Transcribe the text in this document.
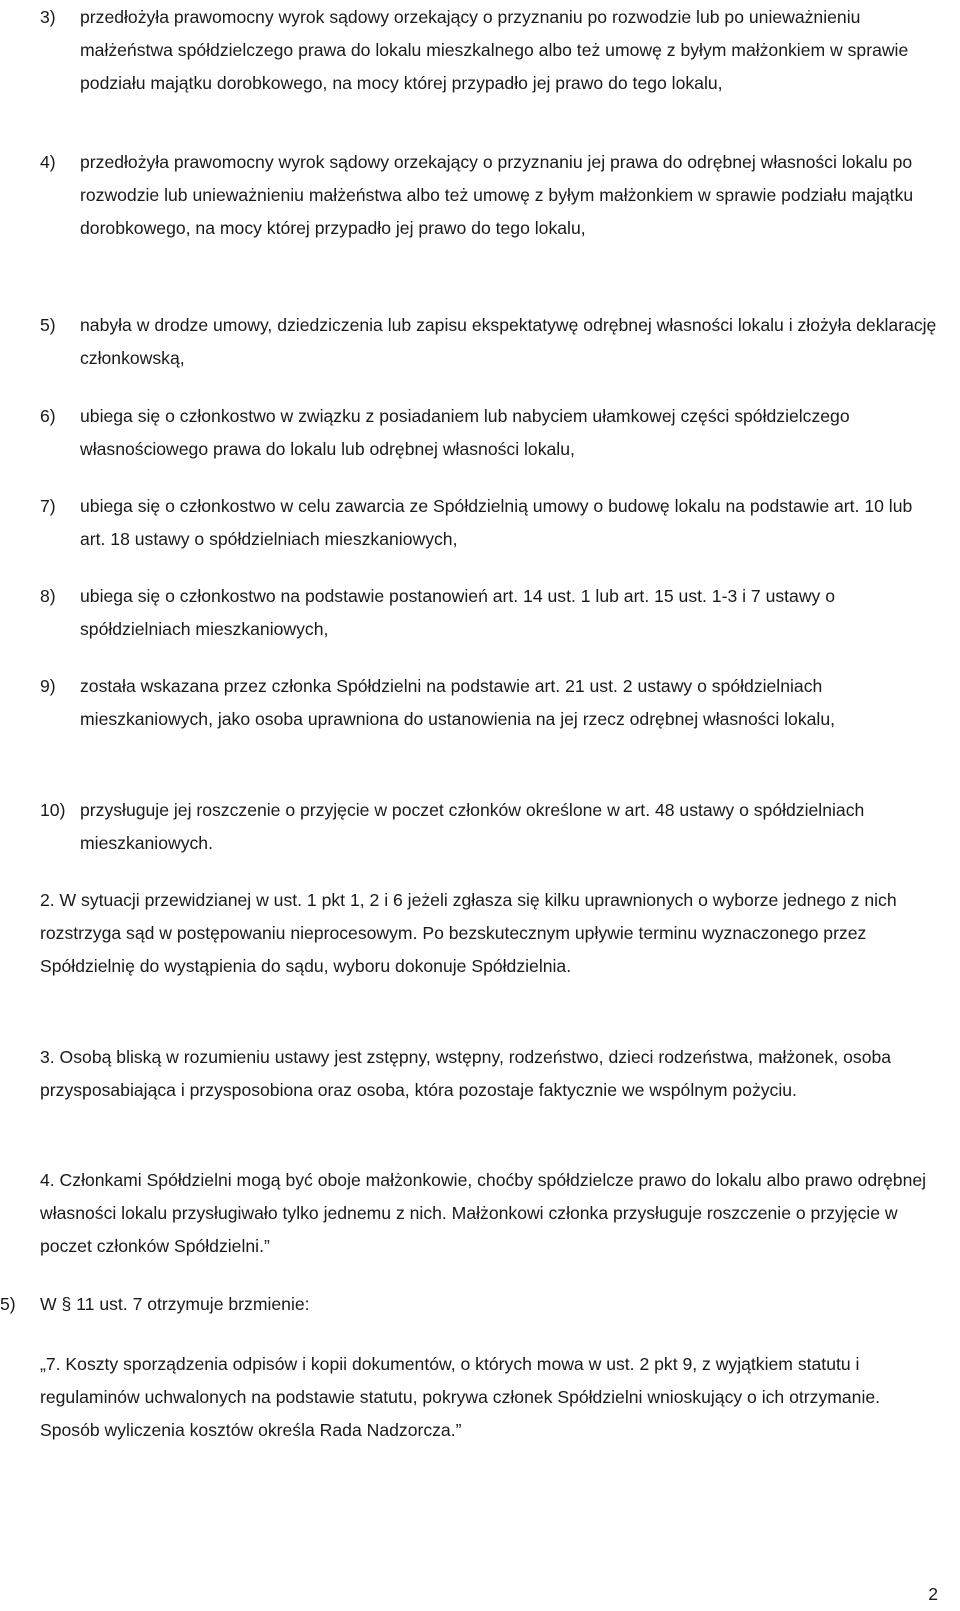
3) przedłożyła prawomocny wyrok sądowy orzekający o przyznaniu po rozwodzie lub po unieważnieniu małżeństwa spółdzielczego prawa do lokalu mieszkalnego albo też umowę z byłym małżonkiem w sprawie podziału majątku dorobkowego, na mocy której przypadło jej prawo do tego lokalu,
4) przedłożyła prawomocny wyrok sądowy orzekający o przyznaniu jej prawa do odrębnej własności lokalu po rozwodzie lub unieważnieniu małżeństwa albo też umowę z byłym małżonkiem w sprawie podziału majątku dorobkowego, na mocy której przypadło jej prawo do tego lokalu,
5) nabyła w drodze umowy, dziedziczenia lub zapisu ekspektatywę odrębnej własności lokalu i złożyła deklarację członkowską,
6) ubiega się o członkostwo w związku z posiadaniem lub nabyciem ułamkowej części spółdzielczego własnościowego prawa do lokalu lub odrębnej własności lokalu,
7) ubiega się o członkostwo w celu zawarcia ze Spółdzielnią umowy o budowę lokalu na podstawie art. 10 lub art. 18 ustawy o spółdzielniach mieszkaniowych,
8) ubiega się o członkostwo na podstawie postanowień art. 14 ust. 1 lub art. 15 ust. 1-3 i 7 ustawy o spółdzielniach mieszkaniowych,
9) została wskazana przez członka Spółdzielni na podstawie art. 21 ust. 2 ustawy o spółdzielniach mieszkaniowych, jako osoba uprawniona do ustanowienia na jej rzecz odrębnej własności lokalu,
10) przysługuje jej roszczenie o przyjęcie w poczet członków określone w art. 48 ustawy o spółdzielniach mieszkaniowych.

2. W sytuacji przewidzianej w ust. 1 pkt 1, 2 i 6 jeżeli zgłasza się kilku uprawnionych o wyborze jednego z nich rozstrzyga sąd w postępowaniu nieprocesowym. Po bezskutecznym upływie terminu wyznaczonego przez Spółdzielnię do wystąpienia do sądu, wyboru dokonuje Spółdzielnia.

3. Osobą bliską w rozumieniu ustawy jest zstępny, wstępny, rodzeństwo, dzieci rodzeństwa, małżonek, osoba przysposabiająca i przysposobiona oraz osoba, która pozostaje faktycznie we wspólnym pożyciu.

4. Członkami Spółdzielni mogą być oboje małżonkowie, choćby spółdzielcze prawo do lokalu albo prawo odrębnej własności lokalu przysługiwało tylko jednemu z nich. Małżonkowi członka przysługuje roszczenie o przyjęcie w poczet członków Spółdzielni.”

5) W § 11 ust. 7 otrzymuje brzmienie:

„7. Koszty sporządzenia odpisów i kopii dokumentów, o których mowa w ust. 2 pkt 9, z wyjątkiem statutu i regulaminów uchwalonych na podstawie statutu, pokrywa członek Spółdzielni wnioskujący o ich otrzymanie. Sposób wyliczenia kosztów określa Rada Nadzorcza.”

2
